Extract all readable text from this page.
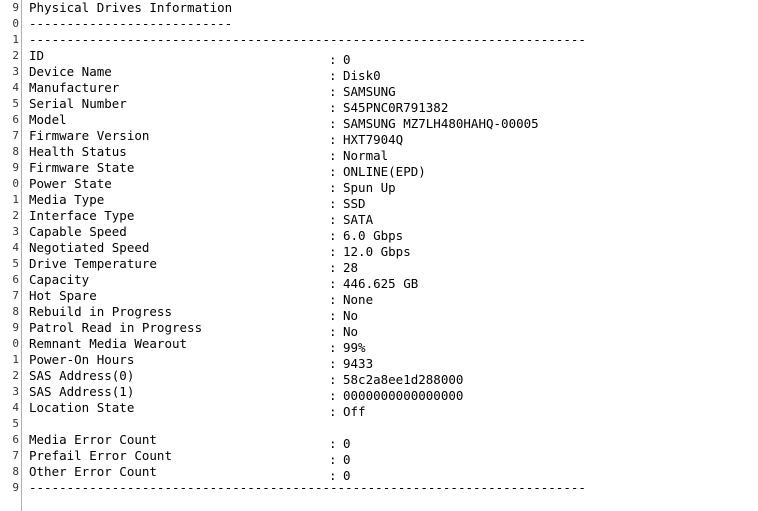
9
0
1
2
3
4
5
6
7
8
9
0
1
2
3
4
5
6
7
8
9
0
1
2
3
4
5
6
7
8
9
Physical Drives Information
---------------------------
--------------------------------------------------------------------------
ID	: 0
Device Name	: Disk0
Manufacturer	: SAMSUNG
Serial Number	: S45PNC0R791382
Model	: SAMSUNG MZ7LH480HAHQ-00005
Firmware Version	: HXT7904Q
Health Status	: Normal
Firmware State	: ONLINE(EPD)
Power State	: Spun Up
Media Type	: SSD
Interface Type	: SATA
Capable Speed	: 6.0 Gbps
Negotiated Speed	: 12.0 Gbps
Drive Temperature	: 28
Capacity	: 446.625 GB
Hot Spare	: None
Rebuild in Progress	: No
Patrol Read in Progress	: No
Remnant Media Wearout	: 99%
Power-On Hours	: 9433
SAS Address(0)	: 58c2a8ee1d288000
SAS Address(1)	: 0000000000000000
Location State	: Off

Media Error Count	: 0
Prefail Error Count	: 0
Other Error Count	: 0
--------------------------------------------------------------------------
